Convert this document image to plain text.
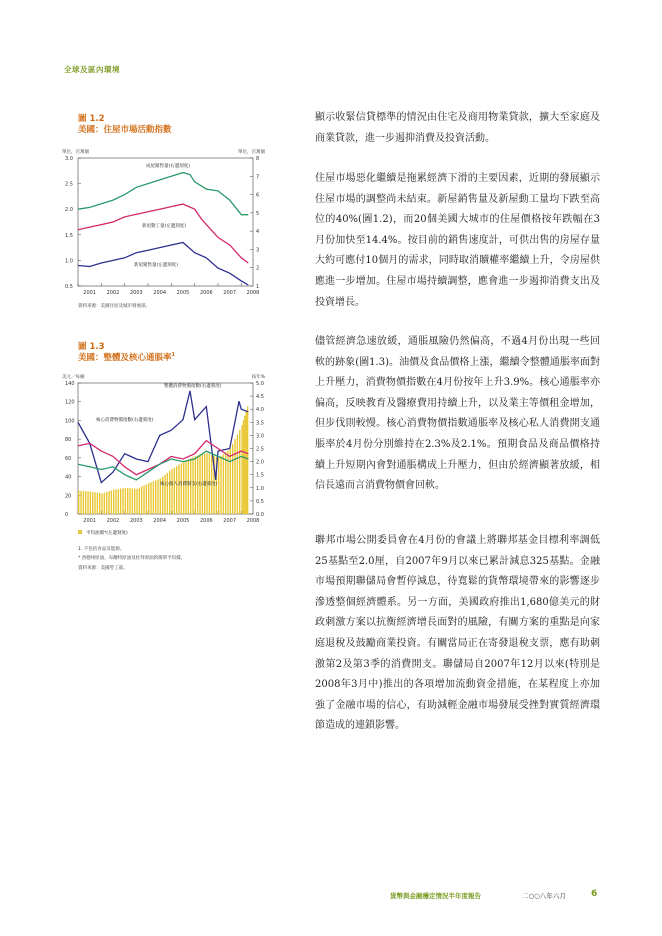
全球及區內環境
圖 1.2
美國：住屋市場活動指數
單位，百萬個	單位，百萬個
0.5
1.0
1.5
2.0
2.5
3.0
1
2
3
4
5
6
7
8
2001 2002 2003 2004 2005 2006 2007 2008
成屋銷售量(右邊刻度)
新屋動工量(左邊刻度)
新屋銷售量(左邊刻度)
資料來源：美國住屋及城市發展部。
圖 1.3
美國：整體及核心通脹率$^1$
美元／每桶	按年%
0
20
40
60
80
100
120
140
0.0
0.5
1.0
1.5
2.0
2.5
3.0
3.5
4.0
4.5
5.0
2001 2002 2003 2004 2005 2006 2007 2008
整體消費物價指數(右邊刻度)
核心消費物價指數(右邊刻度)
核心個人消費開支(右邊刻度)
平均油價*(左邊刻度)
1. 不包括食品及能源。
* 西德州原油、布蘭特原油及杜拜原油的簡單平均價。
資料來源：美國勞工部。

顯示收緊信貸標準的情況由住宅及商用物業貸款，擴大至家庭及商業貸款，進一步遏抑消費及投資活動。

住屋市場惡化繼續是拖累經濟下滑的主要因素，近期的發展顯示住屋市場的調整尚未結束。新屋銷售量及新屋動工量均下跌至高位的40%(圖1.2)，而20個美國大城市的住屋價格按年跌幅在3月份加快至14.4%。按目前的銷售速度計，可供出售的房屋存量大約可應付10個月的需求，同時取消贖權率繼續上升，令房屋供應進一步增加。住屋市場持續調整，應會進一步遏抑消費支出及投資增長。

儘管經濟急速放緩，通脹風險仍然偏高，不過4月份出現一些回軟的跡象(圖1.3)。油價及食品價格上漲，繼續令整體通脹率面對上升壓力，消費物價指數在4月份按年上升3.9%。核心通脹率亦偏高，反映教育及醫療費用持續上升，以及業主等價租金增加，但步伐則較慢。核心消費物價指數通脹率及核心私人消費開支通脹率於4月份分別維持在2.3%及2.1%。預期食品及商品價格持續上升短期內會對通脹構成上升壓力，但由於經濟顯著放緩，相信長遠而言消費物價會回軟。

聯邦市場公開委員會在4月份的會議上將聯邦基金目標利率調低25基點至2.0厘，自2007年9月以來已累計減息325基點。金融市場預期聯儲局會暫停減息，待寬鬆的貨幣環境帶來的影響逐步滲透整個經濟體系。另一方面，美國政府推出1,680億美元的財政刺激方案以抗衡經濟增長面對的風險，有關方案的重點是向家庭退稅及鼓勵商業投資。有關當局正在寄發退稅支票，應有助刺激第2及第3季的消費開支。聯儲局自2007年12月以來(特別是2008年3月中)推出的各項增加流動資金措施，在某程度上亦加強了金融市場的信心，有助減輕金融市場發展受挫對實質經濟環節造成的連鎖影響。

貨幣與金融穩定情況半年度報告	二○○八年六月	6
